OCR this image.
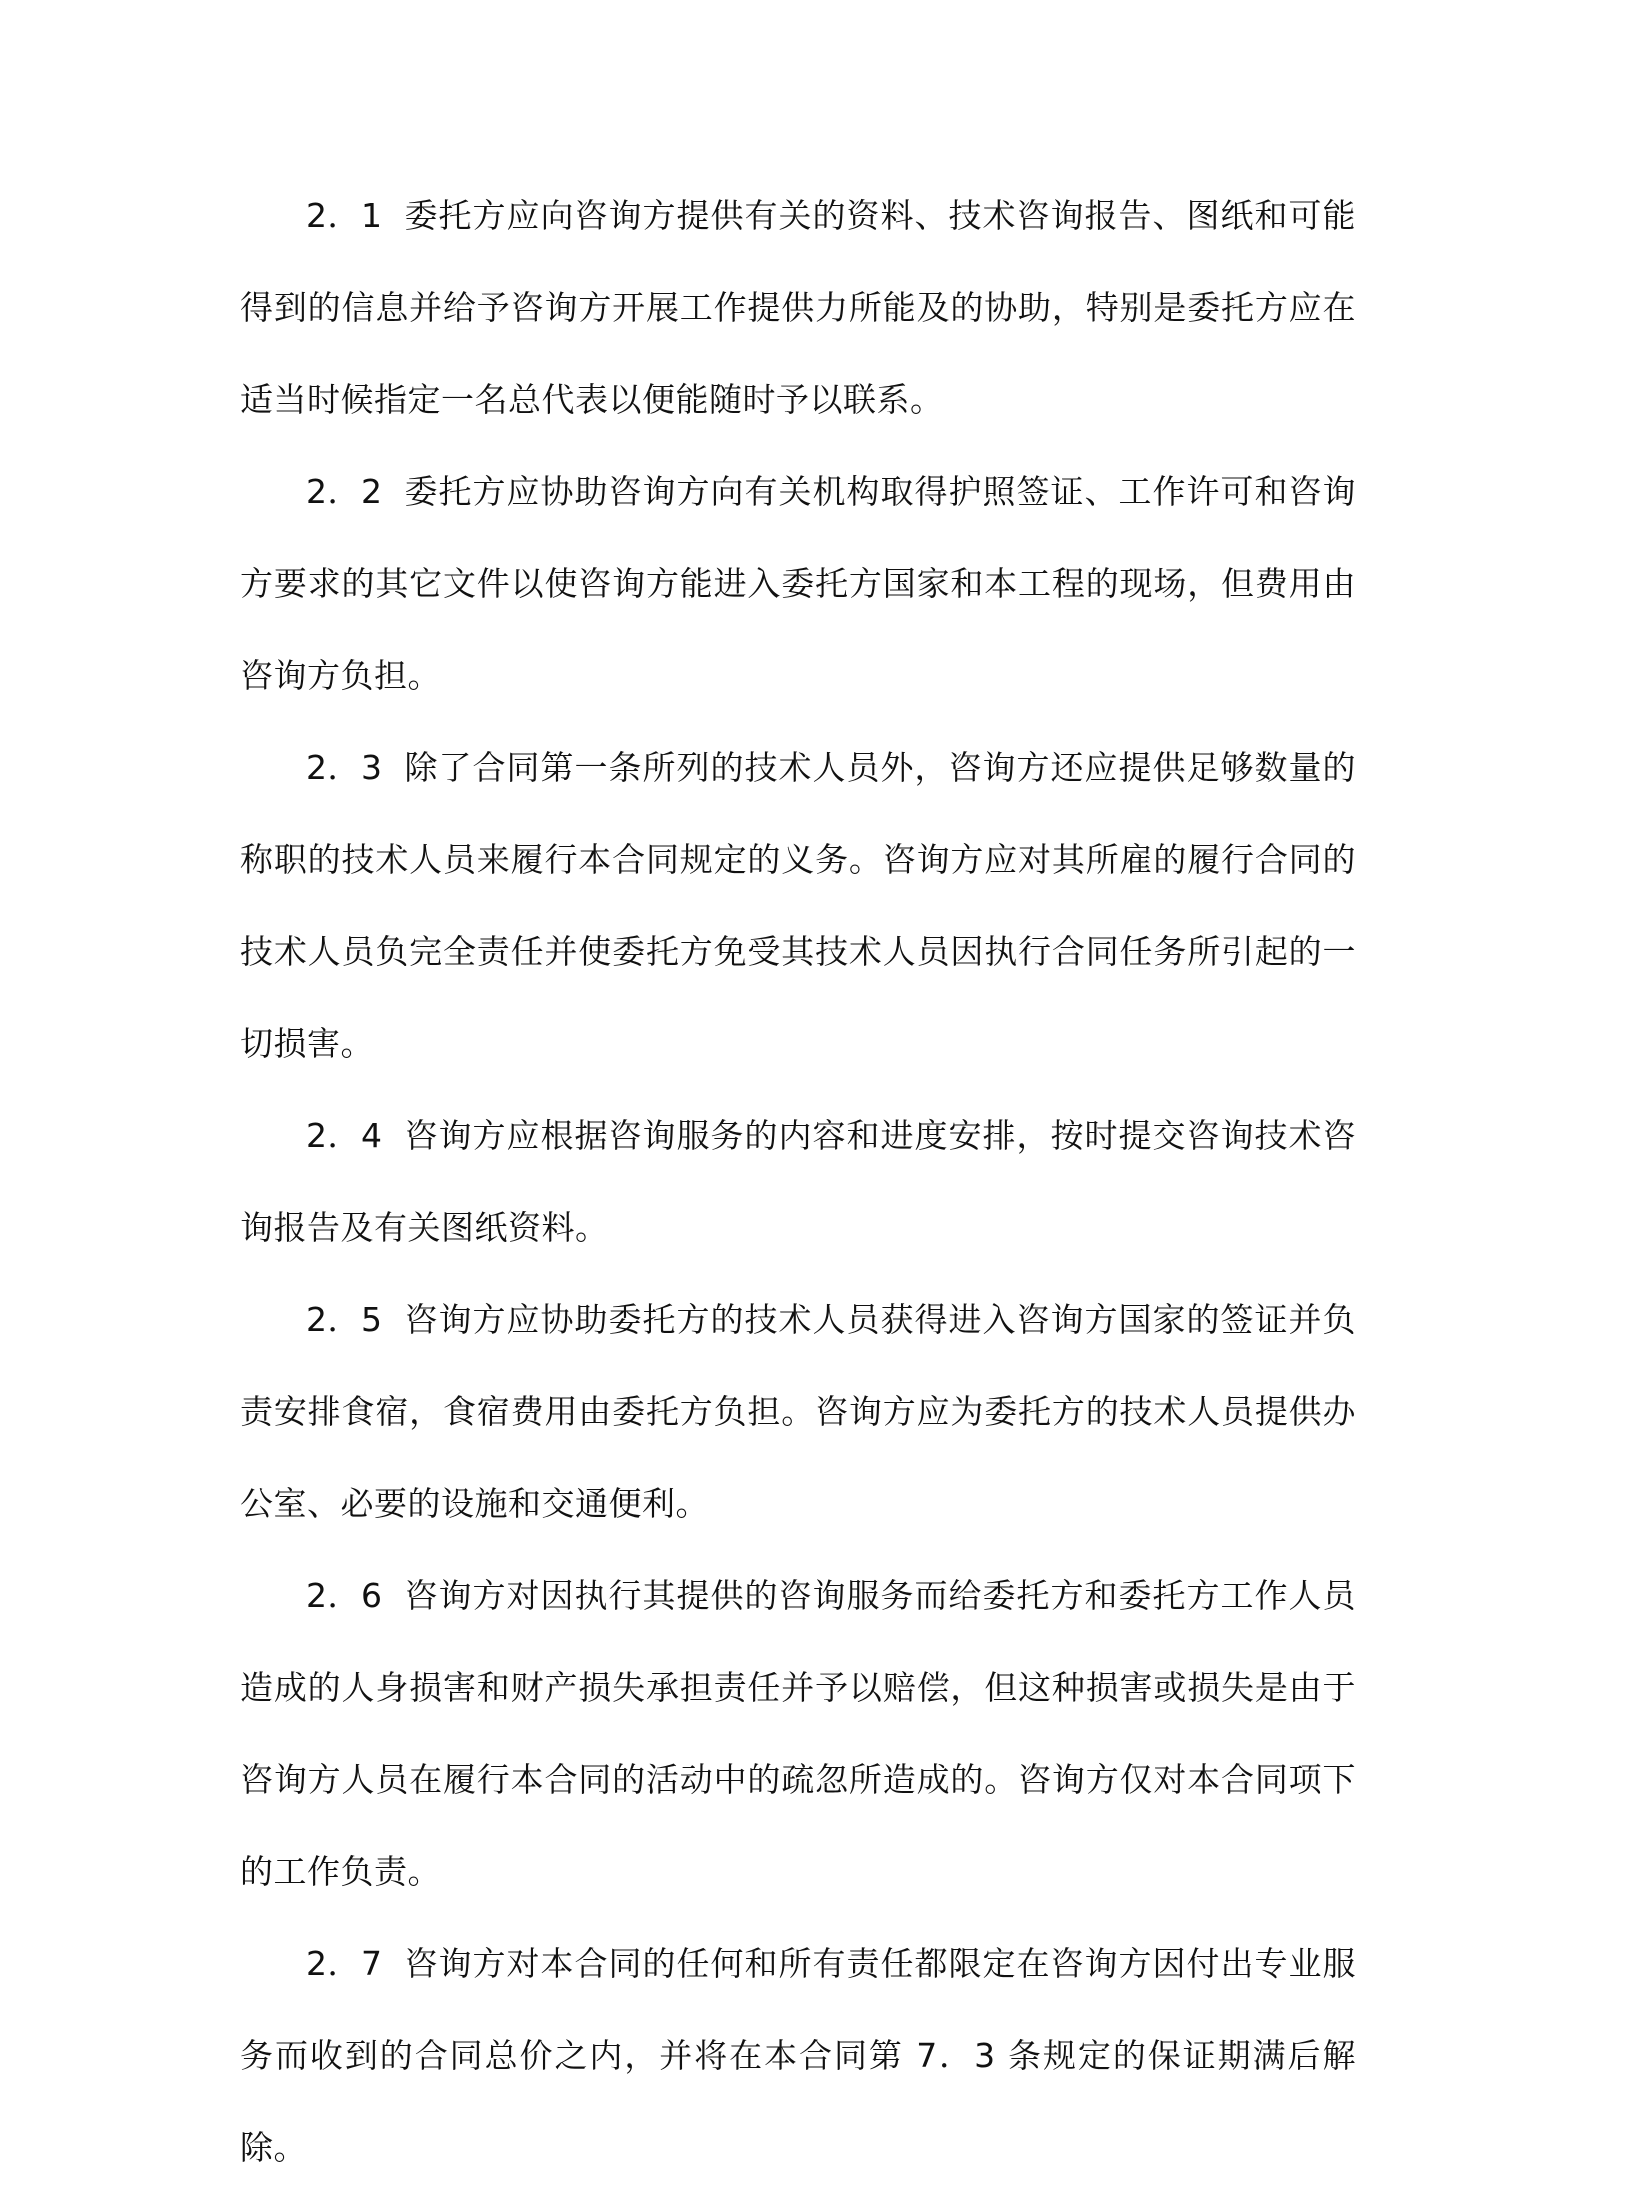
2．1 委托方应向咨询方提供有关的资料、技术咨询报告、图纸和可能得到的信息并给予咨询方开展工作提供力所能及的协助，特别是委托方应在适当时候指定一名总代表以便能随时予以联系。

2．2 委托方应协助咨询方向有关机构取得护照签证、工作许可和咨询方要求的其它文件以使咨询方能进入委托方国家和本工程的现场，但费用由咨询方负担。

2．3 除了合同第一条所列的技术人员外，咨询方还应提供足够数量的称职的技术人员来履行本合同规定的义务。咨询方应对其所雇的履行合同的技术人员负完全责任并使委托方免受其技术人员因执行合同任务所引起的一切损害。

2．4 咨询方应根据咨询服务的内容和进度安排，按时提交咨询技术咨询报告及有关图纸资料。

2．5 咨询方应协助委托方的技术人员获得进入咨询方国家的签证并负责安排食宿，食宿费用由委托方负担。咨询方应为委托方的技术人员提供办公室、必要的设施和交通便利。

2．6 咨询方对因执行其提供的咨询服务而给委托方和委托方工作人员造成的人身损害和财产损失承担责任并予以赔偿，但这种损害或损失是由于咨询方人员在履行本合同的活动中的疏忽所造成的。咨询方仅对本合同项下的工作负责。

2．7 咨询方对本合同的任何和所有责任都限定在咨询方因付出专业服务而收到的合同总价之内，并将在本合同第 7．3 条规定的保证期满后解除。
